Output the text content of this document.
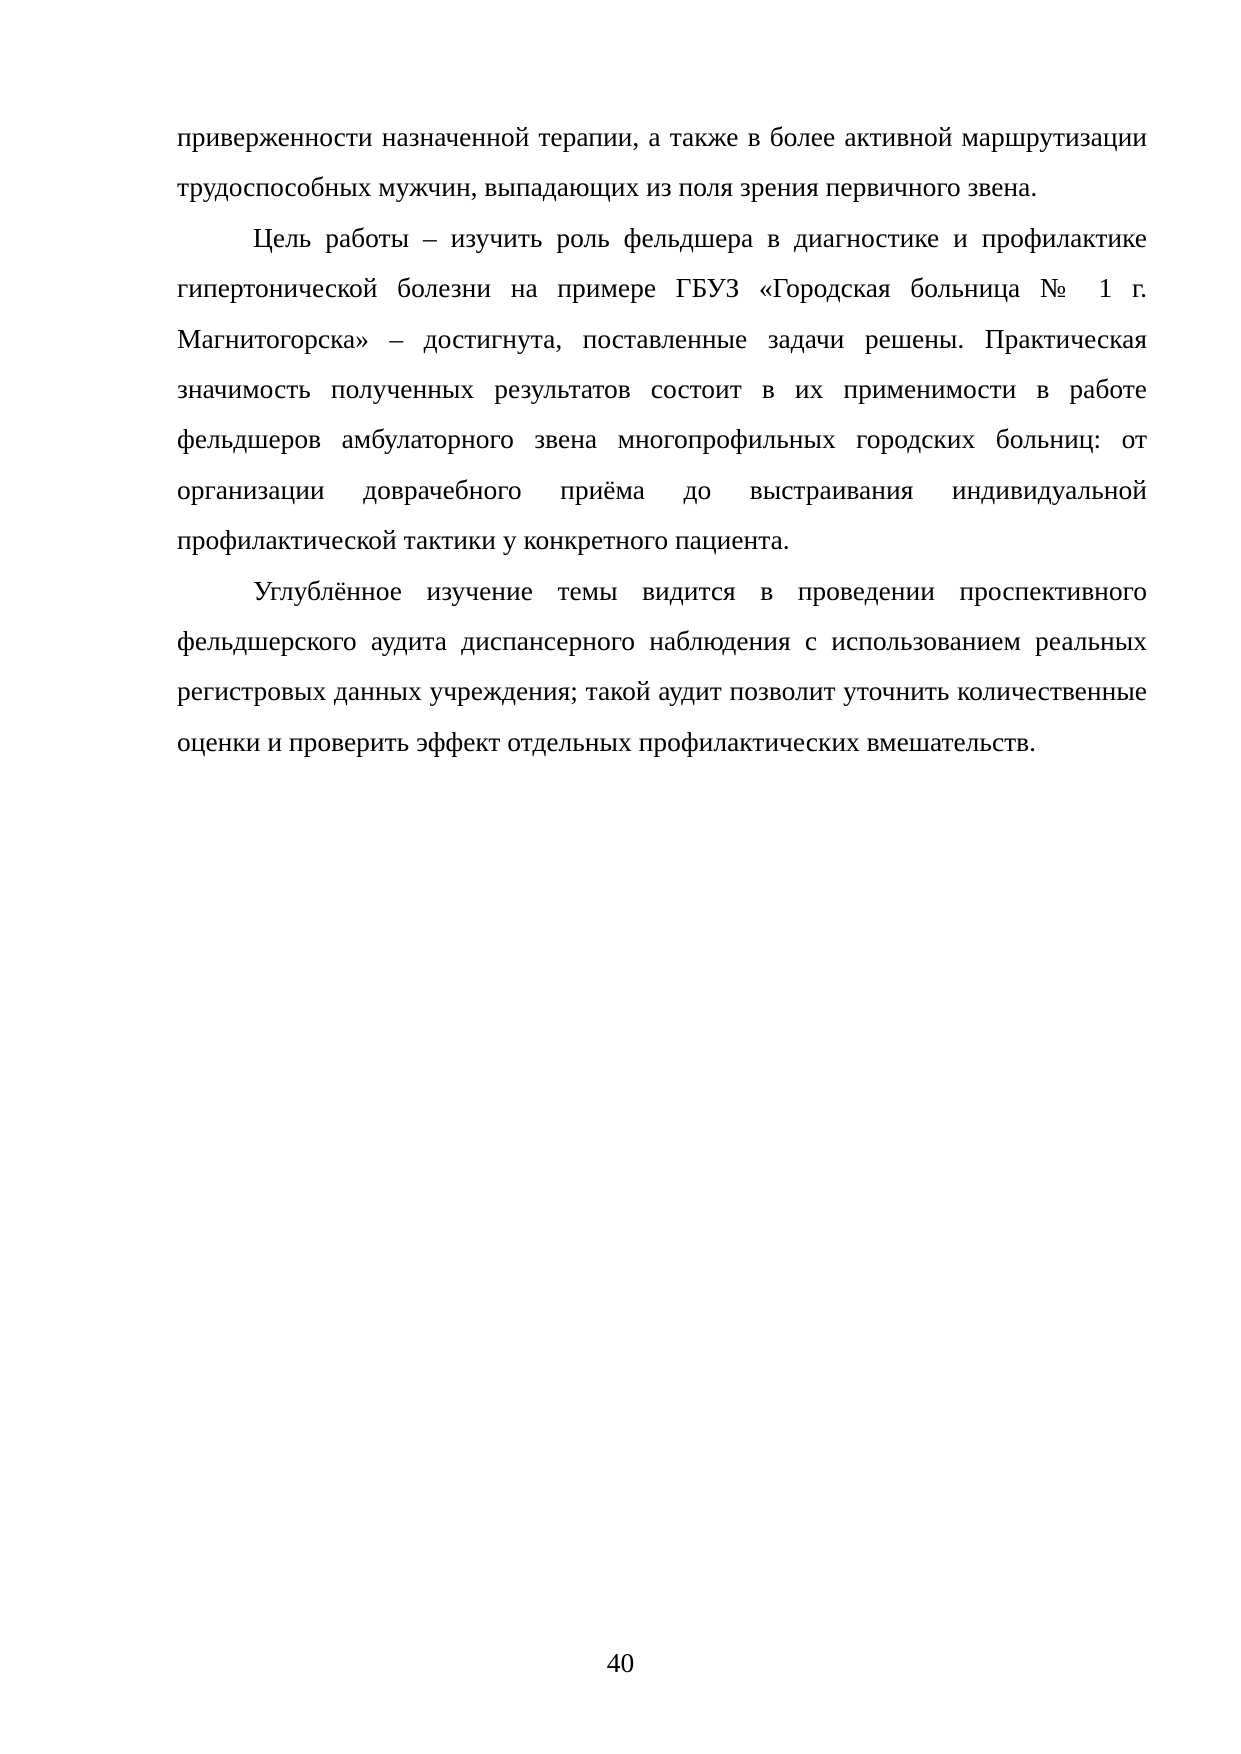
приверженности назначенной терапии, а также в более активной маршрутизации трудоспособных мужчин, выпадающих из поля зрения первичного звена.

Цель работы – изучить роль фельдшера в диагностике и профилактике гипертонической болезни на примере ГБУЗ «Городская больница № 1 г. Магнитогорска» – достигнута, поставленные задачи решены. Практическая значимость полученных результатов состоит в их применимости в работе фельдшеров амбулаторного звена многопрофильных городских больниц: от организации доврачебного приёма до выстраивания индивидуальной профилактической тактики у конкретного пациента.

Углублённое изучение темы видится в проведении проспективного фельдшерского аудита диспансерного наблюдения с использованием реальных регистровых данных учреждения; такой аудит позволит уточнить количественные оценки и проверить эффект отдельных профилактических вмешательств.

40
